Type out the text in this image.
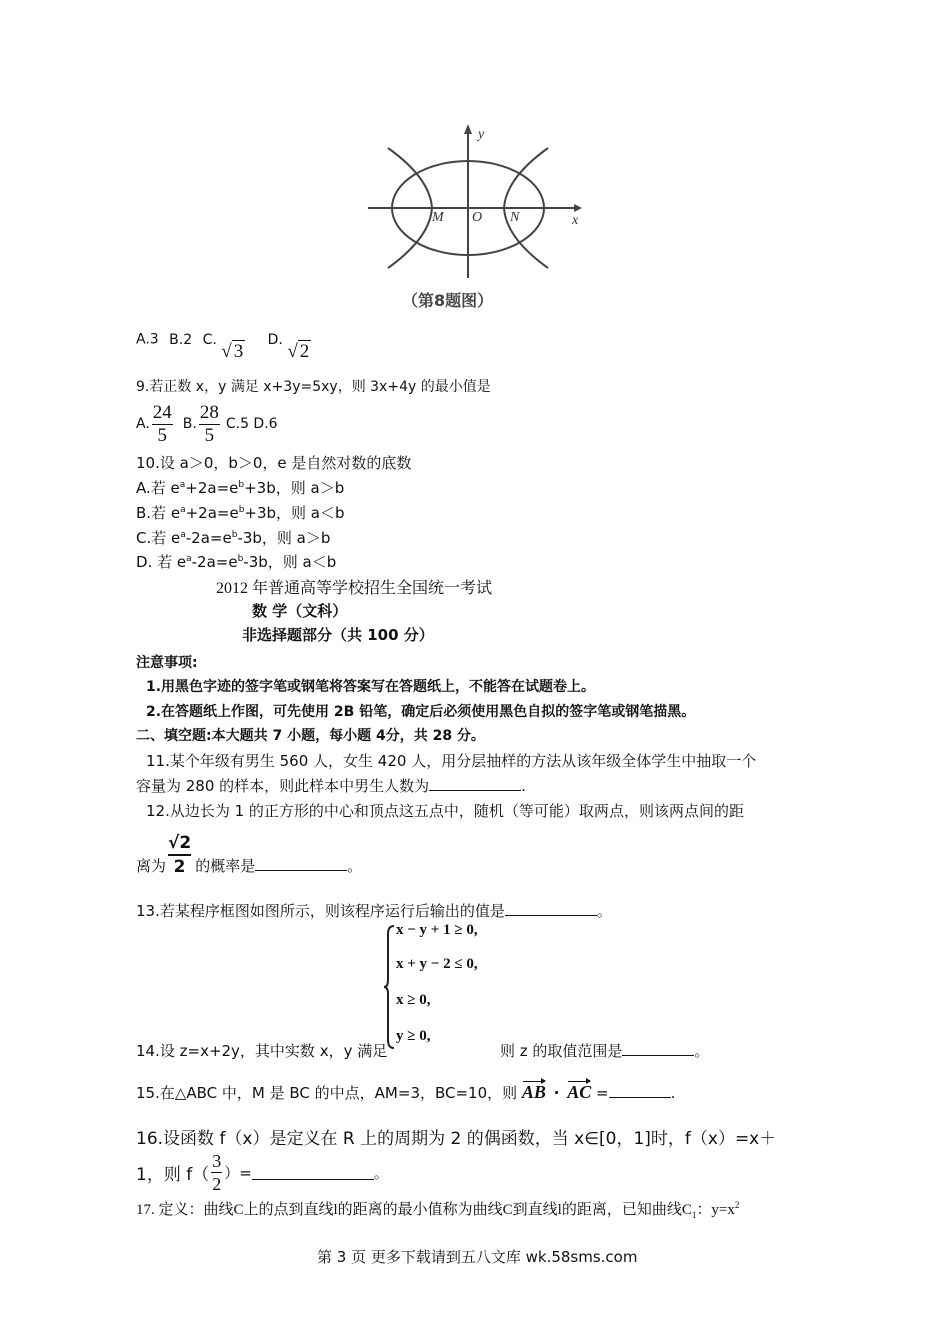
y
x
M O N
（第8题图）
A.3 B.2 C. √ 3 D. √ 2
9.若正数 x，y 满足 x+3y=5xy，则 3x+4y 的最小值是
A. $\frac{24}{5} B$. $\frac{28}{5} C.5$ D.6
10.设 a＞0，b＞0，e 是自然对数的底数
A.若 $e^a+2a=e^b+3b$，则 a＞b
B.若 $e^a+2a=e^b+3b$，则 a＜b
C.若 $e^a-2a=e^b-3b$，则 a＞b
D. 若 $e^a-2a=e^b-3b$，则 a＜b
2012 年普通高等学校招生全国统一考试
数 学（文科）
非选择题部分（共 100 分）
注意事项:
1.用黑色字迹的签字笔或钢笔将答案写在答题纸上，不能答在试题卷上。
2.在答题纸上作图，可先使用 2B 铅笔，确定后必须使用黑色自拟的签字笔或钢笔描黑。
二、填空题:本大题共 7 小题，每小题 4分，共 28 分。
11.某个年级有男生 560 人，女生 420 人，用分层抽样的方法从该年级全体学生中抽取一个
容量为 280 的样本，则此样本中男生人数为	.
12.从边长为 1 的正方形的中心和顶点这五点中，随机（等可能）取两点，则该两点间的距
离为 $\frac{√2}{2}$ 的概率是	。
13.若某程序框图如图所示，则该程序运行后输出的值是	。
x − y + 1 ≥ 0,
x + y − 2 ≤ 0,
x ≥ 0,
y ≥ 0,
14.设 z=x+2y，其中实数 x，y 满足	则 z 的取值范围是	。
15.在△ABC 中，M 是 BC 的中点，AM=3，BC=10，则 AB · AC =	.
16.设函数 f（x）是定义在 R 上的周期为 2 的偶函数，当 x∈[0，1]时，f（x）=x＋
1，则 $f( \frac{3}{2}$ ）=	。
17. 定义：曲线C上的点到直线l的距离的最小值称为曲线C到直线l的距离，已知曲线$C_1$：$y=x^2$
第 3 页 更多下载请到五八文库 wk.58sms.com
